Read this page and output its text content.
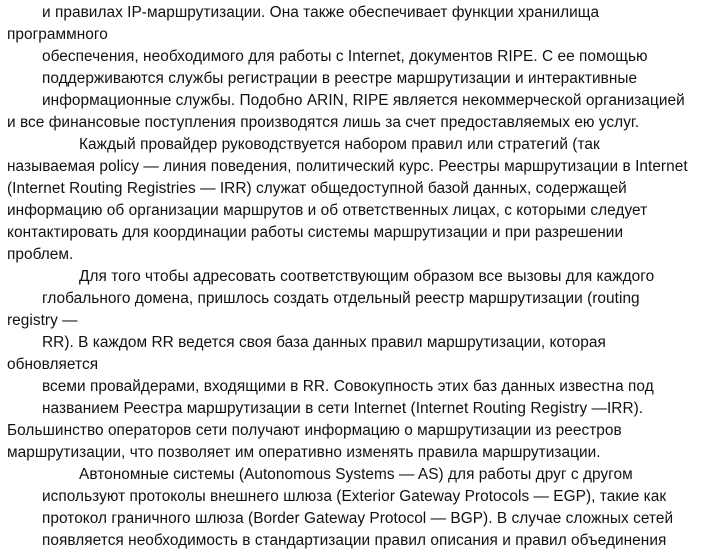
и правилах IP-маршрутизации. Она также обеспечивает функции хранилища
программного
обеспечения, необходимого для работы с Internet, документов RIPE. С ее помощью
поддерживаются службы регистрации в реестре маршрутизации и интерактивные
информационные службы. Подобно ARIN, RIPE является некоммерческой организацией
и все финансовые поступления производятся лишь за счет предоставляемых ею услуг.
Каждый провайдер руководствуется набором правил или стратегий (так
называемая policy — линия поведения, политический курс. Реестры маршрутизации в Internet
(Internet Routing Registries — IRR) служат общедоступной базой данных, содержащей
информацию об организации маршрутов и об ответственных лицах, с которыми следует
контактировать для координации работы системы маршрутизации и при разрешении
проблем.
Для того чтобы адресовать соответствующим образом все вызовы для каждого
глобального домена, пришлось создать отдельный реестр маршрутизации (routing
registry —
RR). В каждом RR ведется своя база данных правил маршрутизации, которая
обновляется
всеми провайдерами, входящими в RR. Совокупность этих баз данных известна под
названием Реестра маршрутизации в сети Internet (Internet Routing Registry —IRR).
Большинство операторов сети получают информацию о маршрутизации из реестров
маршрутизации, что позволяет им оперативно изменять правила маршрутизации.
Автономные системы (Autonomous Systems — AS) для работы друг с другом
используют протоколы внешнего шлюза (Exterior Gateway Protocols — EGP), такие как
протокол граничного шлюза (Border Gateway Protocol — BGP). В случае сложных сетей
появляется необходимость в стандартизации правил описания и правил объединения
